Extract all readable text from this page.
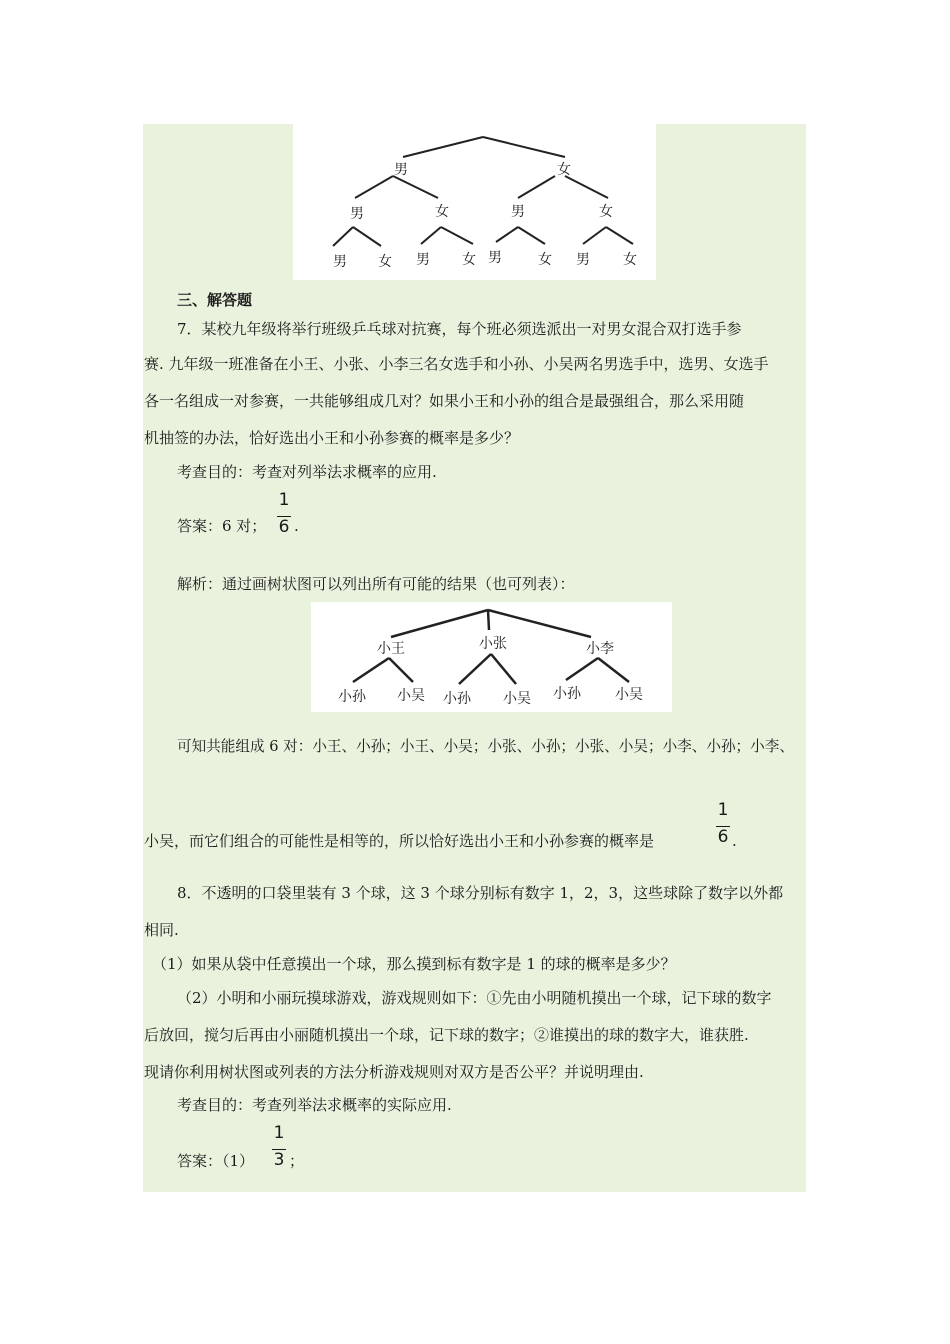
男	女
男	女	男	女
男 女 男 女 男	女 男 女
三、解答题
7．某校九年级将举行班级乒乓球对抗赛，每个班必须选派出一对男女混合双打选手参
赛. 九年级一班准备在小王、小张、小李三名女选手和小孙、小吴两名男选手中，选男、女选手
各一名组成一对参赛，一共能够组成几对？如果小王和小孙的组合是最强组合，那么采用随
机抽签的办法，恰好选出小王和小孙参赛的概率是多少？
考查目的：考查对列举法求概率的应用.
答案：6 对；
1
6 .
解析：通过画树状图可以列出所有可能的结果（也可列表）：
小王	小张	小李
小孙 小吴 小孙 小吴 小孙 小吴
可知共能组成 6 对：小王、小孙；小王、小吴；小张、小孙；小张、小吴；小李、小孙；小李、
小吴，而它们组合的可能性是相等的，所以恰好选出小王和小孙参赛的概率是
1
6 .
8．不透明的口袋里装有 3 个球，这 3 个球分别标有数字 1，2，3，这些球除了数字以外都
相同.
（1）如果从袋中任意摸出一个球，那么摸到标有数字是 1 的球的概率是多少？
（2）小明和小丽玩摸球游戏，游戏规则如下：①先由小明随机摸出一个球，记下球的数字
后放回，搅匀后再由小丽随机摸出一个球，记下球的数字；②谁摸出的球的数字大，谁获胜.
现请你利用树状图或列表的方法分析游戏规则对双方是否公平？并说明理由.
考查目的：考查列举法求概率的实际应用.
答案：（1）
1
3 ；
